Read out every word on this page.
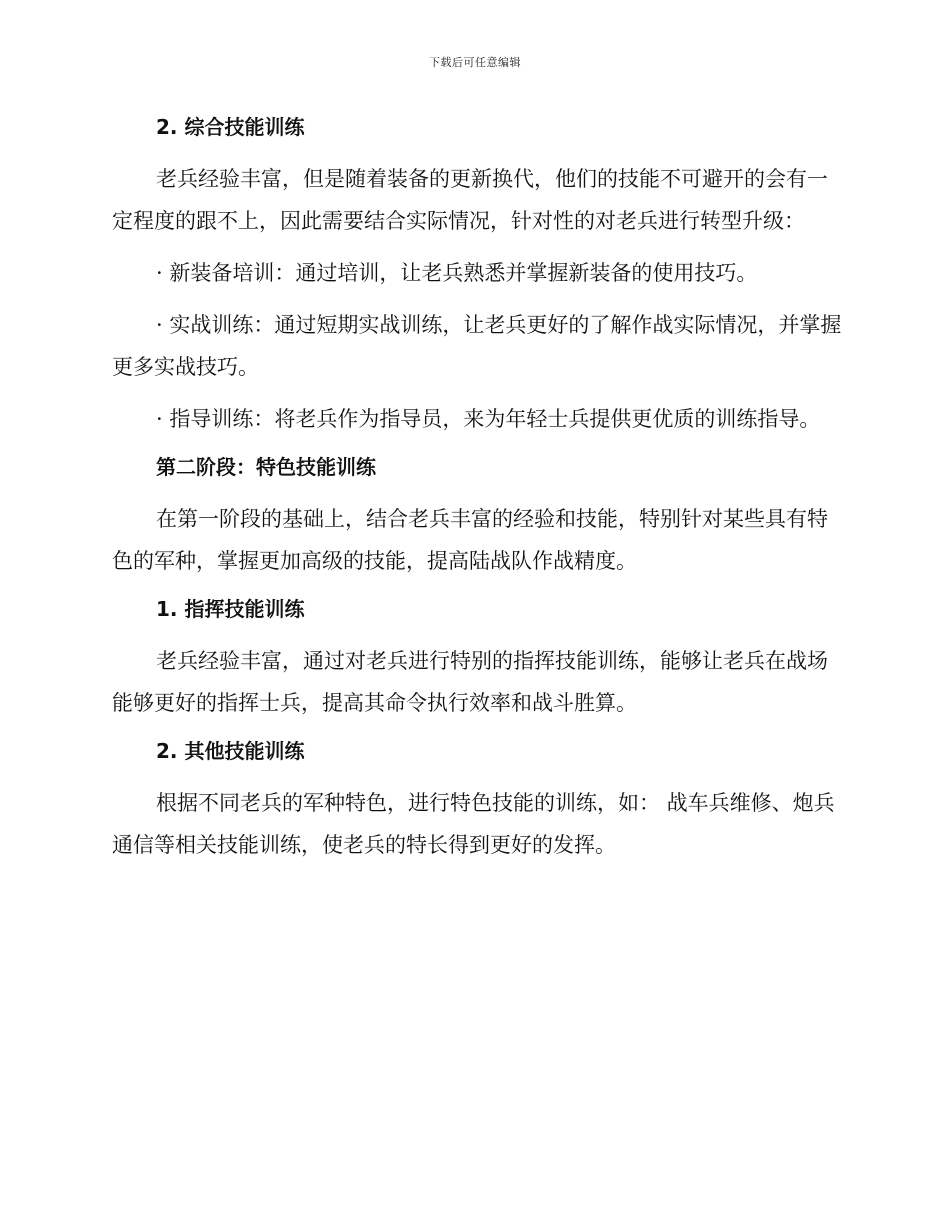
下载后可任意编辑
2. 综合技能训练
老兵经验丰富，但是随着装备的更新换代，他们的技能不可避开的会有一定程度的跟不上，因此需要结合实际情况，针对性的对老兵进行转型升级：
· 新装备培训：通过培训，让老兵熟悉并掌握新装备的使用技巧。
· 实战训练：通过短期实战训练，让老兵更好的了解作战实际情况，并掌握更多实战技巧。
· 指导训练：将老兵作为指导员，来为年轻士兵提供更优质的训练指导。
第二阶段：特色技能训练
在第一阶段的基础上，结合老兵丰富的经验和技能，特别针对某些具有特色的军种，掌握更加高级的技能，提高陆战队作战精度。
1. 指挥技能训练
老兵经验丰富，通过对老兵进行特别的指挥技能训练，能够让老兵在战场能够更好的指挥士兵，提高其命令执行效率和战斗胜算。
2. 其他技能训练
根据不同老兵的军种特色，进行特色技能的训练，如： 战车兵维修、炮兵通信等相关技能训练，使老兵的特长得到更好的发挥。
